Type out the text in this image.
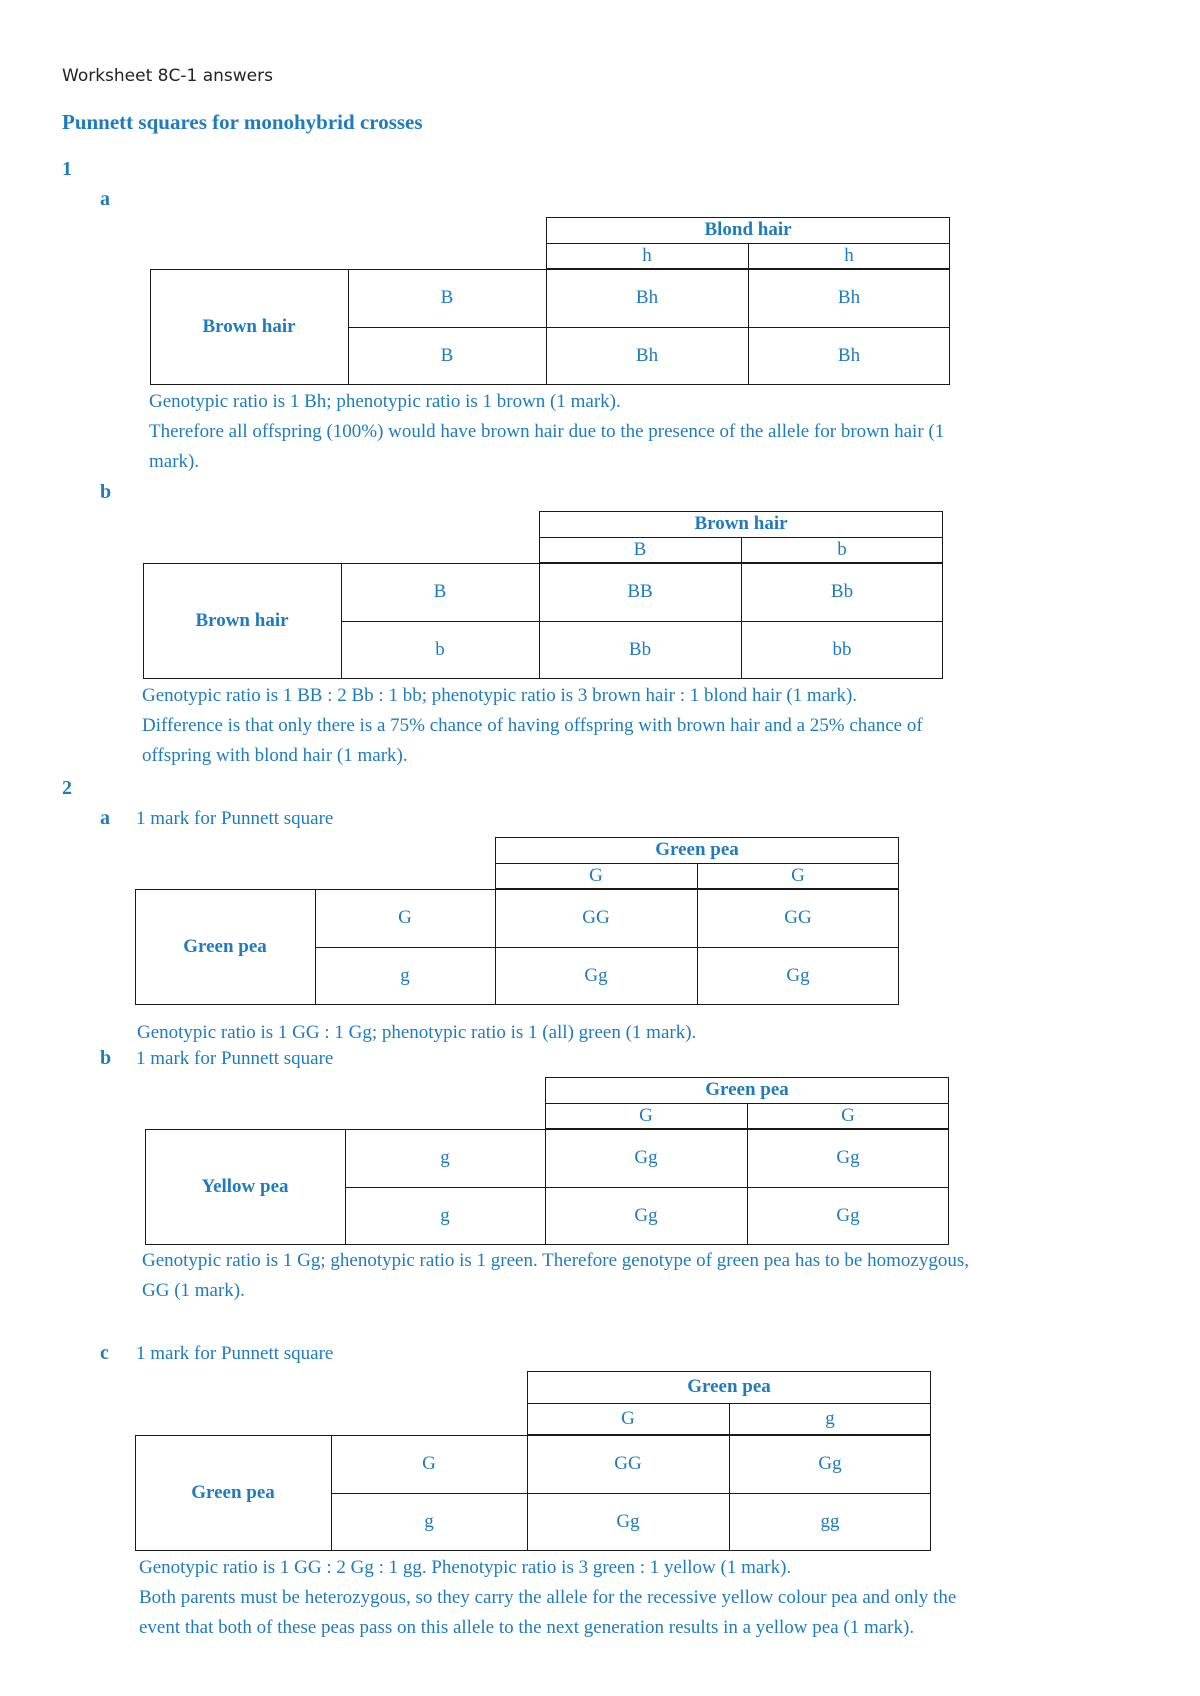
Worksheet 8C-1 answers
Punnett squares for monohybrid crosses
1
a
Blond hair
h	h
Brown hair
B	Bh	Bh
B	Bh	Bh
Genotypic ratio is 1 Bh; phenotypic ratio is 1 brown (1 mark).
Therefore all offspring (100%) would have brown hair due to the presence of the allele for brown hair (1
mark).
b
Brown hair
B	b
Brown hair
B	BB	Bb
b	Bb	bb
Genotypic ratio is 1 BB : 2 Bb : 1 bb; phenotypic ratio is 3 brown hair : 1 blond hair (1 mark).
Difference is that only there is a 75% chance of having offspring with brown hair and a 25% chance of
offspring with blond hair (1 mark).
2
a 1 mark for Punnett square
Green pea
G	G
Green pea
G	GG	GG
g	Gg	Gg
Genotypic ratio is 1 GG : 1 Gg; phenotypic ratio is 1 (all) green (1 mark).
b 1 mark for Punnett square
Green pea
G	G
Yellow pea
g	Gg	Gg
g	Gg	Gg
Genotypic ratio is 1 Gg; ghenotypic ratio is 1 green. Therefore genotype of green pea has to be homozygous,
GG (1 mark).
c 1 mark for Punnett square
Green pea
G	g
Green pea
G	GG	Gg
g	Gg	gg
Genotypic ratio is 1 GG : 2 Gg : 1 gg. Phenotypic ratio is 3 green : 1 yellow (1 mark).
Both parents must be heterozygous, so they carry the allele for the recessive yellow colour pea and only the
event that both of these peas pass on this allele to the next generation results in a yellow pea (1 mark).
